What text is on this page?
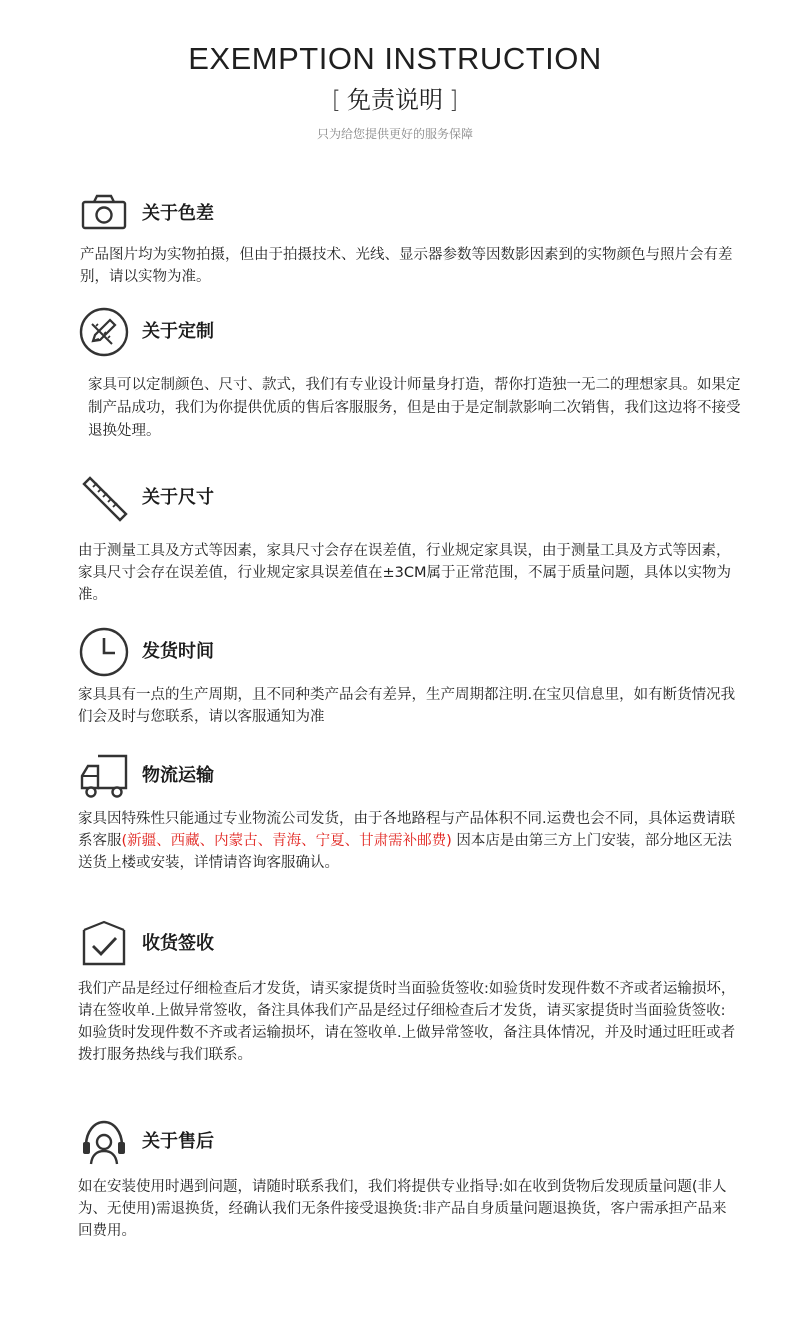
EXEMPTION INSTRUCTION
[ 免责说明 ]
只为给您提供更好的服务保障
关于色差
产品图片均为实物拍摄，但由于拍摄技术、光线、显示器参数等因数影因素到的实物颜色与照片会有差别，请以实物为准。
关于定制
家具可以定制颜色、尺寸、款式，我们有专业设计师量身打造，帮你打造独一无二的理想家具。如果定制产品成功，我们为你提供优质的售后客服服务，但是由于是定制款影响二次销售，我们这边将不接受退换处理。
关于尺寸
由于测量工具及方式等因素，家具尺寸会存在误差值，行业规定家具误，由于测量工具及方式等因素，家具尺寸会存在误差值，行业规定家具误差值在±3CM属于正常范围，不属于质量问题，具体以实物为准。
发货时间
家具具有一点的生产周期，且不同种类产品会有差异，生产周期都注明.在宝贝信息里，如有断货情况我们会及时与您联系，请以客服通知为准
物流运输
家具因特殊性只能通过专业物流公司发货，由于各地路程与产品体积不同.运费也会不同，具体运费请联系客服(新疆、西藏、内蒙古、青海、宁夏、甘肃需补邮费) 因本店是由第三方上门安装，部分地区无法送货上楼或安装，详情请咨询客服确认。
收货签收
我们产品是经过仔细检查后才发货，请买家提货时当面验货签收:如验货时发现件数不齐或者运输损坏，请在签收单.上做异常签收，备注具体我们产品是经过仔细检查后才发货，请买家提货时当面验货签收:如验货时发现件数不齐或者运输损坏，请在签收单.上做异常签收，备注具体情况，并及时通过旺旺或者拨打服务热线与我们联系。
关于售后
如在安装使用时遇到问题，请随时联系我们，我们将提供专业指导:如在收到货物后发现质量问题(非人为、无使用)需退换货，经确认我们无条件接受退换货:非产品自身质量问题退换货，客户需承担产品来回费用。
